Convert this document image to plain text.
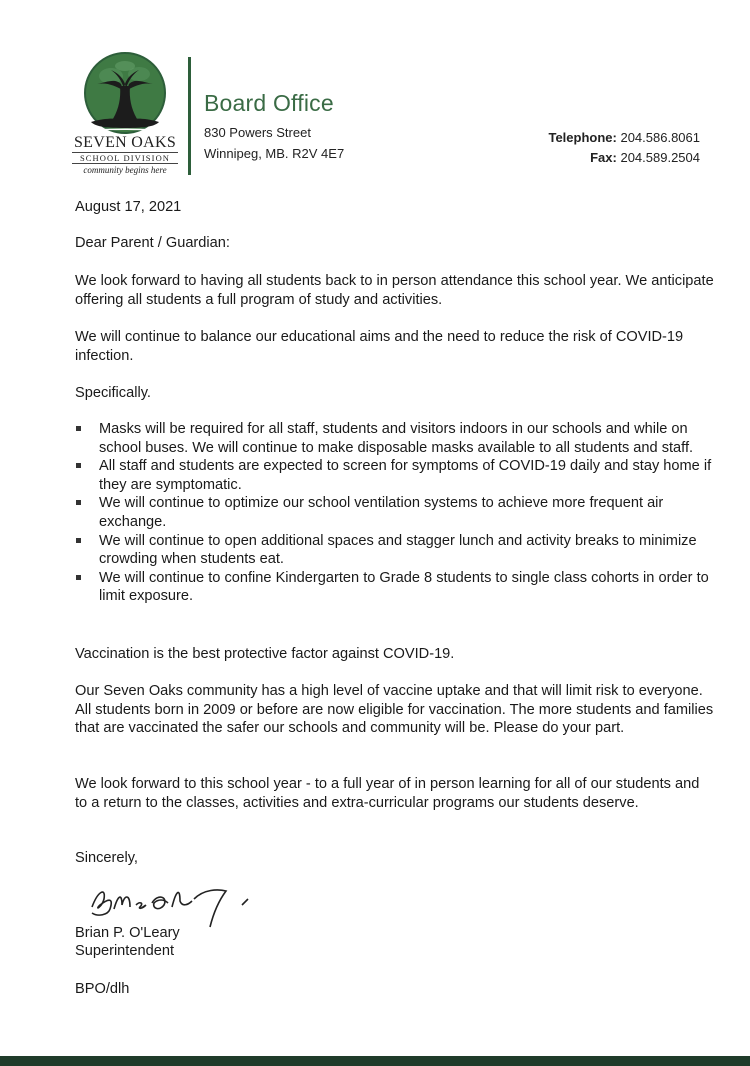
SEVEN OAKS
SCHOOL DIVISION
community begins here
Board Office
830 Powers Street
Winnipeg, MB. R2V 4E7
Telephone: 204.586.8061
Fax: 204.589.2504
August 17, 2021
Dear Parent / Guardian:
We look forward to having all students back to in person attendance this school year. We anticipate offering all students a full program of study and activities.
We will continue to balance our educational aims and the need to reduce the risk of COVID-19 infection.
Specifically.
Masks will be required for all staff, students and visitors indoors in our schools and while on school buses. We will continue to make disposable masks available to all students and staff.
All staff and students are expected to screen for symptoms of COVID-19 daily and stay home if they are symptomatic.
We will continue to optimize our school ventilation systems to achieve more frequent air exchange.
We will continue to open additional spaces and stagger lunch and activity breaks to minimize crowding when students eat.
We will continue to confine Kindergarten to Grade 8 students to single class cohorts in order to limit exposure.
Vaccination is the best protective factor against COVID-19.
Our Seven Oaks community has a high level of vaccine uptake and that will limit risk to everyone. All students born in 2009 or before are now eligible for vaccination. The more students and families that are vaccinated the safer our schools and community will be. Please do your part.
We look forward to this school year - to a full year of in person learning for all of our students and to a return to the classes, activities and extra-curricular programs our students deserve.
Sincerely,
Brian P. O'Leary
Superintendent
BPO/dlh
